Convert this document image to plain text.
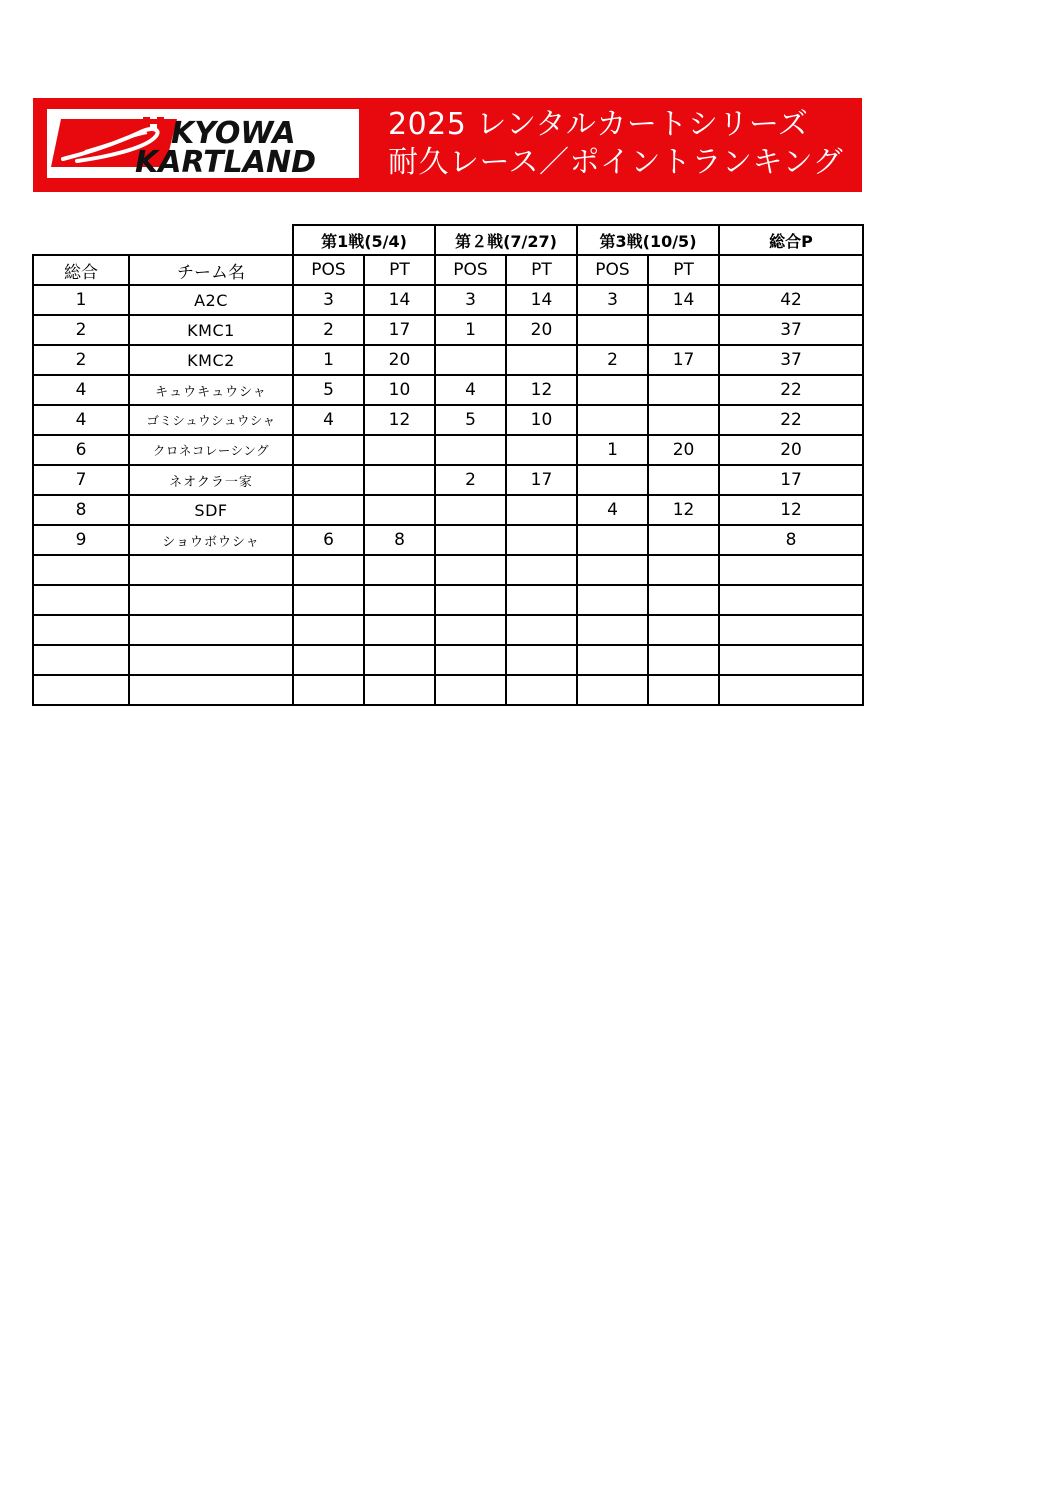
KYOWA
KARTLAND
2025 レンタルカートシリーズ
耐久レース／ポイントランキング
		第1戦(5/4)		第２戦(7/27)		第3戦(10/5)		総合P
総合	チーム名	POS	PT	POS	PT	POS	PT	
1	A2C	3	14	3	14	3	14	42
2	KMC1	2	17	1	20			37
2	KMC2	1	20			2	17	37
4	キュウキュウシャ	5	10	4	12			22
4	ゴミシュウシュウシャ	4	12	5	10			22
6	クロネコレーシング					1	20	20
7	ネオクラ一家			2	17			17
8	SDF					4	12	12
9	ショウボウシャ	6	8					8
